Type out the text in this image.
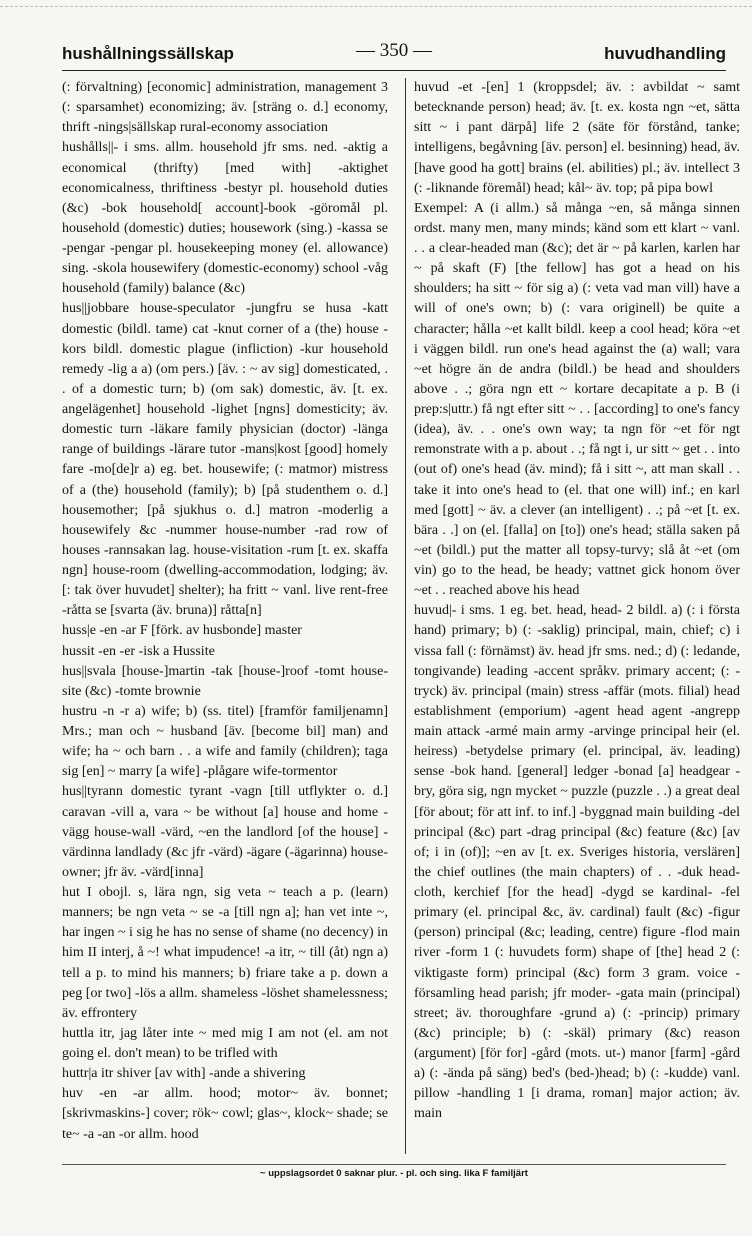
hushållningssällskap	— 350 —	huvudhandling

(: förvaltning) [economic] administration, management 3 (: sparsamhet) economizing; äv. [sträng o. d.] economy, thrift -nings|sällskap rural-economy association

hushålls||- i sms. allm. household jfr sms. ned. -aktig a economical (thrifty) [med with] -aktighet economicalness, thriftiness -bestyr pl. household duties (&c) -bok household[ account]-book -göromål pl. household (domestic) duties; housework (sing.) -kassa se -pengar -pengar pl. housekeeping money (el. allowance) sing. -skola housewifery (domestic-economy) school -våg household (family) balance (&c)

hus||jobbare house-speculator -jungfru se husa -katt domestic (bildl. tame) cat -knut corner of a (the) house -kors bildl. domestic plague (infliction) -kur household remedy -lig a a) (om pers.) [äv. : ~ av sig] domesticated, . . of a domestic turn; b) (om sak) domestic, äv. [t. ex. angelägenhet] household -lighet [ngns] domesticity; äv. domestic turn -läkare family physician (doctor) -länga range of buildings -lärare tutor -mans|kost [good] homely fare -mo[de]r a) eg. bet. housewife; (: matmor) mistress of a (the) household (family); b) [på studenthem o. d.] housemother; [på sjukhus o. d.] matron -moderlig a housewifely &c -nummer house-number -rad row of houses -rannsakan lag. house-visitation -rum [t. ex. skaffa ngn] house-room (dwelling-accommodation, lodging; äv. [: tak över huvudet] shelter); ha fritt ~ vanl. live rent-free -råtta se [svarta (äv. bruna)] råtta[n]

huss|e -en -ar F [förk. av husbonde] master

hussit -en -er -isk a Hussite

hus||svala [house-]martin -tak [house-]roof -tomt house-site (&c) -tomte brownie

hustru -n -r a) wife; b) (ss. titel) [framför familjenamn] Mrs.; man och ~ husband [äv. [become bil] man) and wife; ha ~ och barn . . a wife and family (children); taga sig [en] ~ marry [a wife] -plågare wife-tormentor

hus||tyrann domestic tyrant -vagn [till utflykter o. d.] caravan -vill a, vara ~ be without [a] house and home -vägg house-wall -värd, ~en the landlord [of the house] -värdinna landlady (&c jfr -värd) -ägare (-ägarinna) house-owner; jfr äv. -värd[inna]

hut I obojl. s, lära ngn, sig veta ~ teach a p. (learn) manners; be ngn veta ~ se -a [till ngn a]; han vet inte ~, har ingen ~ i sig he has no sense of shame (no decency) in him II interj, å ~! what impudence! -a itr, ~ till (åt) ngn a) tell a p. to mind his manners; b) friare take a p. down a peg [or two] -lös a allm. shameless -löshet shamelessness; äv. effrontery

huttla itr, jag låter inte ~ med mig I am not (el. am not going el. don't mean) to be trifled with

huttr|a itr shiver [av with] -ande a shivering

huv -en -ar allm. hood; motor~ äv. bonnet; [skrivmaskins-] cover; rök~ cowl; glas~, klock~ shade; se te~ -a -an -or allm. hood

huvud -et -[en] 1 (kroppsdel; äv. : avbildat ~ samt betecknande person) head; äv. [t. ex. kosta ngn ~et, sätta sitt ~ i pant därpå] life 2 (säte för förstånd, tanke; intelligens, begåvning [äv. person] el. besinning) head, äv. [have good ha gott] brains (el. abilities) pl.; äv. intellect 3 (: -liknande föremål) head; kål~ äv. top; på pipa bowl

Exempel: A (i allm.) så många ~en, så många sinnen ordst. many men, many minds; känd som ett klart ~ vanl. . . a clear-headed man (&c); det är ~ på karlen, karlen har ~ på skaft (F) [the fellow] has got a head on his shoulders; ha sitt ~ för sig a) (: veta vad man vill) have a will of one's own; b) (: vara originell) be quite a character; hålla ~et kallt bildl. keep a cool head; köra ~et i väggen bildl. run one's head against the (a) wall; vara ~et högre än de andra (bildl.) be head and shoulders above . .; göra ngn ett ~ kortare decapitate a p. B (i prep:s|uttr.) få ngt efter sitt ~ . . [according] to one's fancy (idea), äv. . . one's own way; ta ngn för ~et för ngt remonstrate with a p. about . .; få ngt i, ur sitt ~ get . . into (out of) one's head (äv. mind); få i sitt ~, att man skall . . take it into one's head to (el. that one will) inf.; en karl med [gott] ~ äv. a clever (an intelligent) . .; på ~et [t. ex. bära . .] on (el. [falla] on [to]) one's head; ställa saken på ~et (bildl.) put the matter all topsy-turvy; slå åt ~et (om vin) go to the head, be heady; vattnet gick honom över ~et . . reached above his head

huvud|- i sms. 1 eg. bet. head, head- 2 bildl. a) (: i första hand) primary; b) (: -saklig) principal, main, chief; c) i vissa fall (: förnämst) äv. head jfr sms. ned.; d) (: ledande, tongivande) leading -accent språkv. primary accent; (: -tryck) äv. principal (main) stress -affär (mots. filial) head establishment (emporium) -agent head agent -angrepp main attack -armé main army -arvinge principal heir (el. heiress) -betydelse primary (el. principal, äv. leading) sense -bok hand. [general] ledger -bonad [a] headgear -bry, göra sig, ngn mycket ~ puzzle (puzzle . .) a great deal [för about; för att inf. to inf.] -byggnad main building -del principal (&c) part -drag principal (&c) feature (&c) [av of; i in (of)]; ~en av [t. ex. Sveriges historia, verslären] the chief outlines (the main chapters) of . . -duk head-cloth, kerchief [for the head] -dygd se kardinal- -fel primary (el. principal &c, äv. cardinal) fault (&c) -figur (person) principal (&c; leading, centre) figure -flod main river -form 1 (: huvudets form) shape of [the] head 2 (: viktigaste form) principal (&c) form 3 gram. voice -församling head parish; jfr moder- -gata main (principal) street; äv. thoroughfare -grund a) (: -princip) primary (&c) principle; b) (: -skäl) primary (&c) reason (argument) [för for] -gård (mots. ut-) manor [farm] -gård a) (: -ända på säng) bed's (bed-)head; b) (: -kudde) vanl. pillow -handling 1 [i drama, roman] major action; äv. main

~ uppslagsordet 0 saknar plur. - pl. och sing. lika F familjärt
